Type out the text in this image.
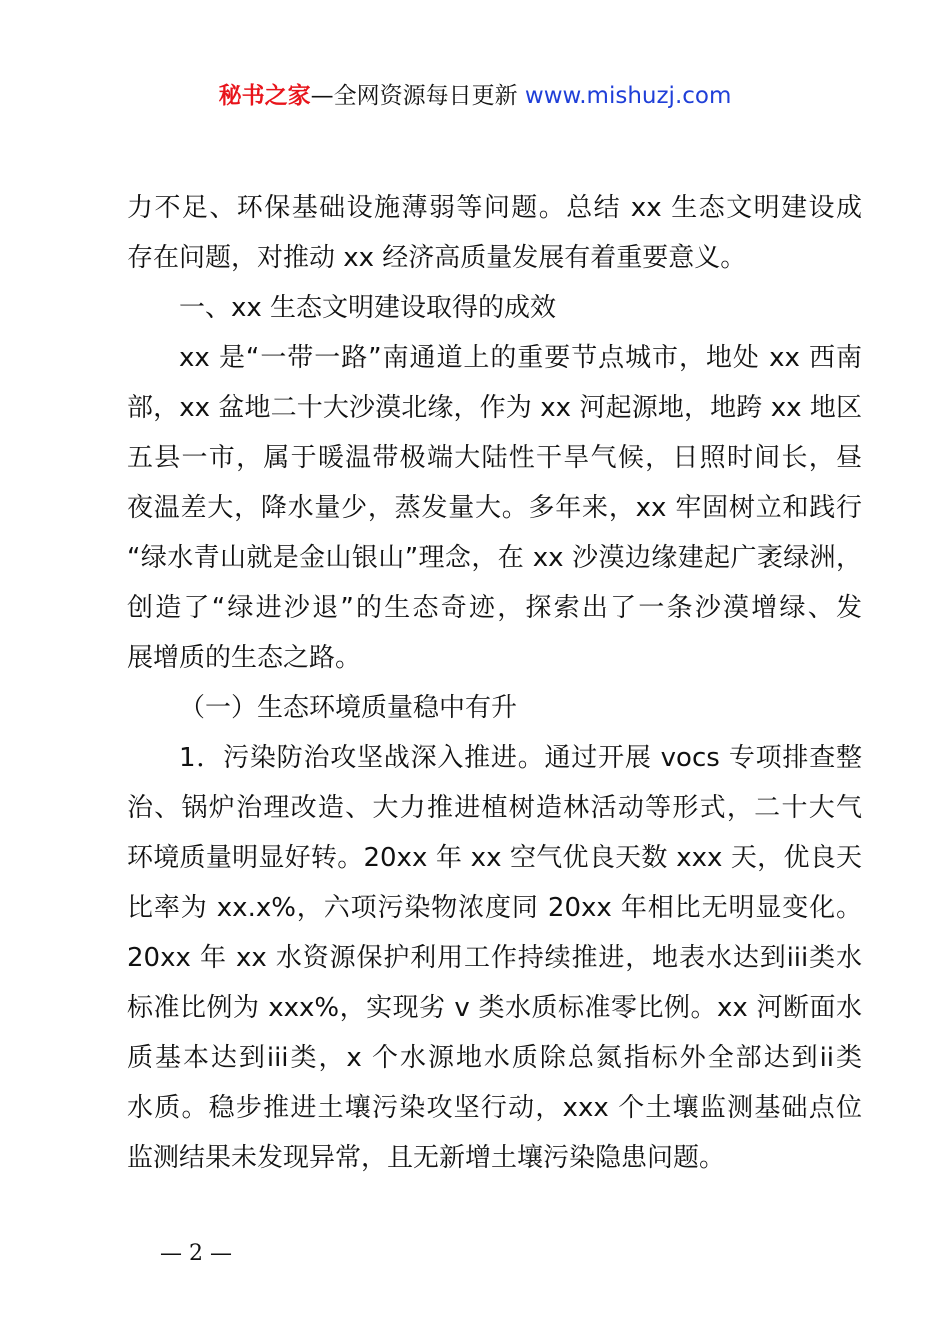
秘书之家—全网资源每日更新 www.mishuzj.com
力不足、环保基础设施薄弱等问题。总结 xx 生态文明建设成
存在问题，对推动 xx 经济高质量发展有着重要意义。
一、xx 生态文明建设取得的成效
xx 是“一带一路”南通道上的重要节点城市，地处 xx 西南
部，xx 盆地二十大沙漠北缘，作为 xx 河起源地，地跨 xx 地区
五县一市，属于暖温带极端大陆性干旱气候，日照时间长，昼
夜温差大，降水量少，蒸发量大。多年来，xx 牢固树立和践行
“绿水青山就是金山银山”理念，在 xx 沙漠边缘建起广袤绿洲，
创造了“绿进沙退”的生态奇迹，探索出了一条沙漠增绿、发
展增质的生态之路。
（一）生态环境质量稳中有升
1．污染防治攻坚战深入推进。通过开展 vocs 专项排查整
治、锅炉治理改造、大力推进植树造林活动等形式，二十大气
环境质量明显好转。20xx 年 xx 空气优良天数 xxx 天，优良天
比率为 xx.x%，六项污染物浓度同 20xx 年相比无明显变化。
20xx 年 xx 水资源保护利用工作持续推进，地表水达到iii类水
标准比例为 xxx%，实现劣 v 类水质标准零比例。xx 河断面水
质基本达到iii类，x 个水源地水质除总氮指标外全部达到ii类
水质。稳步推进土壤污染攻坚行动，xxx 个土壤监测基础点位
监测结果未发现异常，且无新增土壤污染隐患问题。
— 2 —
